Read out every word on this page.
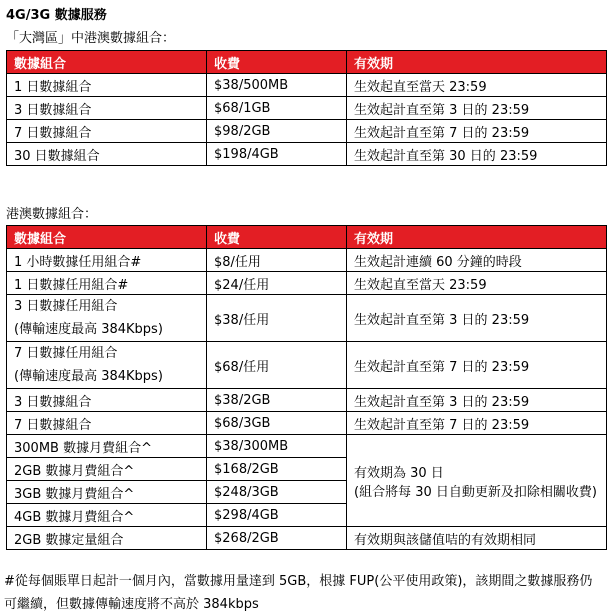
4G/3G 數據服務
「大灣區」中港澳數據組合：
數據組合	收費	有效期
1 日數據組合	$38/500MB	生效起直至當天 23:59
3 日數據組合	$68/1GB	生效起計直至第 3 日的 23:59
7 日數據組合	$98/2GB	生效起計直至第 7 日的 23:59
30 日數據組合	$198/4GB	生效起計直至第 30 日的 23:59
港澳數據組合：
數據組合	收費	有效期
1 小時數據任用組合#	$8/任用	生效起計連續 60 分鐘的時段
1 日數據任用組合#	$24/任用	生效起直至當天 23:59

3 日數據任用組合
(傳輸速度最高 384Kbps)	$38/任用	生效起計直至第 3 日的 23:59

7 日數據任用組合
(傳輸速度最高 384Kbps)	$68/任用	生效起計直至第 7 日的 23:59
3 日數據組合	$38/2GB	生效起計直至第 3 日的 23:59
7 日數據組合	$68/3GB	生效起計直至第 7 日的 23:59
300MB 數據月費組合^	$38/300MB	有效期為 30 日
(組合將每 30 日自動更新及扣除相關收費)

2GB 數據月費組合^	$168/2GB	
3GB 數據月費組合^	$248/3GB	
4GB 數據月費組合^	$298/4GB	
2GB 數據定量組合	$268/2GB	有效期與該儲值咭的有效期相同
#從每個賬單日起計一個月內，當數據用量達到 5GB，根據 FUP(公平使用政策)，該期間之數據服務仍
可繼續，但數據傳輸速度將不高於 384kbps
